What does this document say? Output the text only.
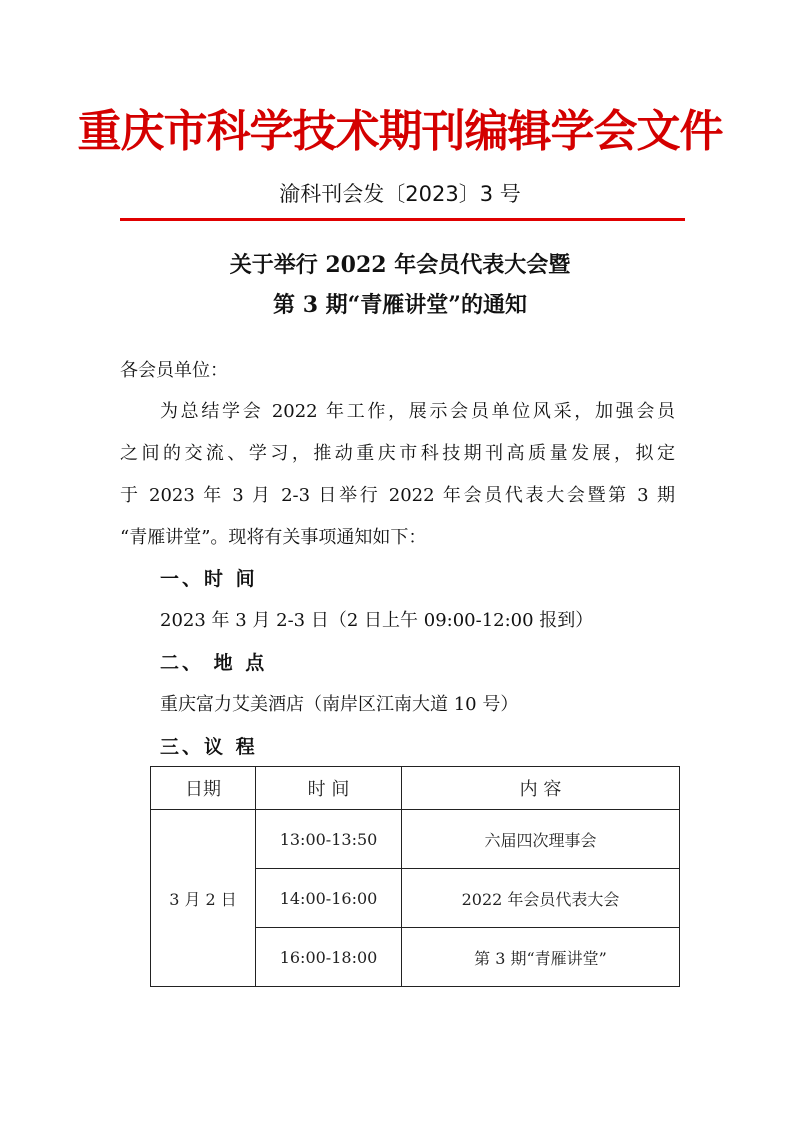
重庆市科学技术期刊编辑学会文件
渝科刊会发〔2023〕3 号
关于举行 2022 年会员代表大会暨
第 3 期“青雁讲堂”的通知
各会员单位：
为总结学会 2022 年工作，展示会员单位风采，加强会员
之间的交流、学习，推动重庆市科技期刊高质量发展，拟定
于 2023 年 3 月 2-3 日举行 2022 年会员代表大会暨第 3 期
“青雁讲堂”。现将有关事项通知如下：
一、时 间
2023 年 3 月 2-3 日（2 日上午 09:00-12:00 报到）
二、 地 点
重庆富力艾美酒店（南岸区江南大道 10 号）
三、议 程
日期	时 间	内 容
3 月 2 日	13:00-13:50	六届四次理事会
	14:00-16:00	2022 年会员代表大会
	16:00-18:00	第 3 期“青雁讲堂”
